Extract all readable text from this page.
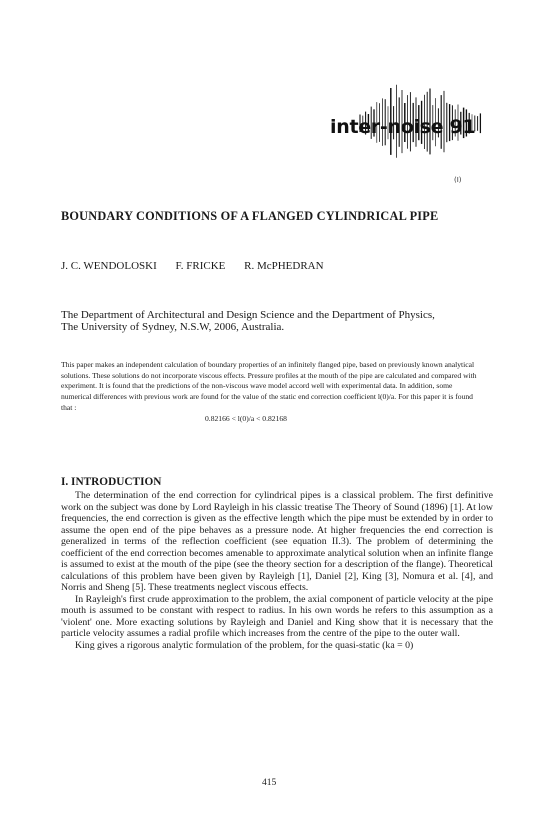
inter-noise 91
(I)
BOUNDARY CONDITIONS OF A FLANGED CYLINDRICAL PIPE
J. C. WENDOLOSKI F. FRICKE R. McPHEDRAN
The Department of Architectural and Design Science and the Department of Physics,
The University of Sydney, N.S.W, 2006, Australia.
This paper makes an independent calculation of boundary properties of an infinitely flanged pipe, based on previously known analytical solutions. These solutions do not incorporate viscous effects. Pressure profiles at the mouth of the pipe are calculated and compared with experiment. It is found that the predictions of the non-viscous wave model accord well with experimental data. In addition, some numerical differences with previous work are found for the value of the static end correction coefficient l(0)/a. For this paper it is found that :
0.82166 < l(0)/a < 0.82168
I. INTRODUCTION

The determination of the end correction for cylindrical pipes is a classical problem. The first definitive work on the subject was done by Lord Rayleigh in his classic treatise The Theory of Sound (1896) [1]. At low frequencies, the end correction is given as the effective length which the pipe must be extended by in order to assume the open end of the pipe behaves as a pressure node. At higher frequencies the end correction is generalized in terms of the reflection coefficient (see equation II.3). The problem of determining the coefficient of the end correction becomes amenable to approximate analytical solution when an infinite flange is assumed to exist at the mouth of the pipe (see the theory section for a description of the flange). Theoretical calculations of this problem have been given by Rayleigh [1], Daniel [2], King [3], Nomura et al. [4], and Norris and Sheng [5]. These treatments neglect viscous effects.

In Rayleigh's first crude approximation to the problem, the axial component of particle velocity at the pipe mouth is assumed to be constant with respect to radius. In his own words he refers to this assumption as a 'violent' one. More exacting solutions by Rayleigh and Daniel and King show that it is necessary that the particle velocity assumes a radial profile which increases from the centre of the pipe to the outer wall.

King gives a rigorous analytic formulation of the problem, for the quasi-static (ka = 0)

415
